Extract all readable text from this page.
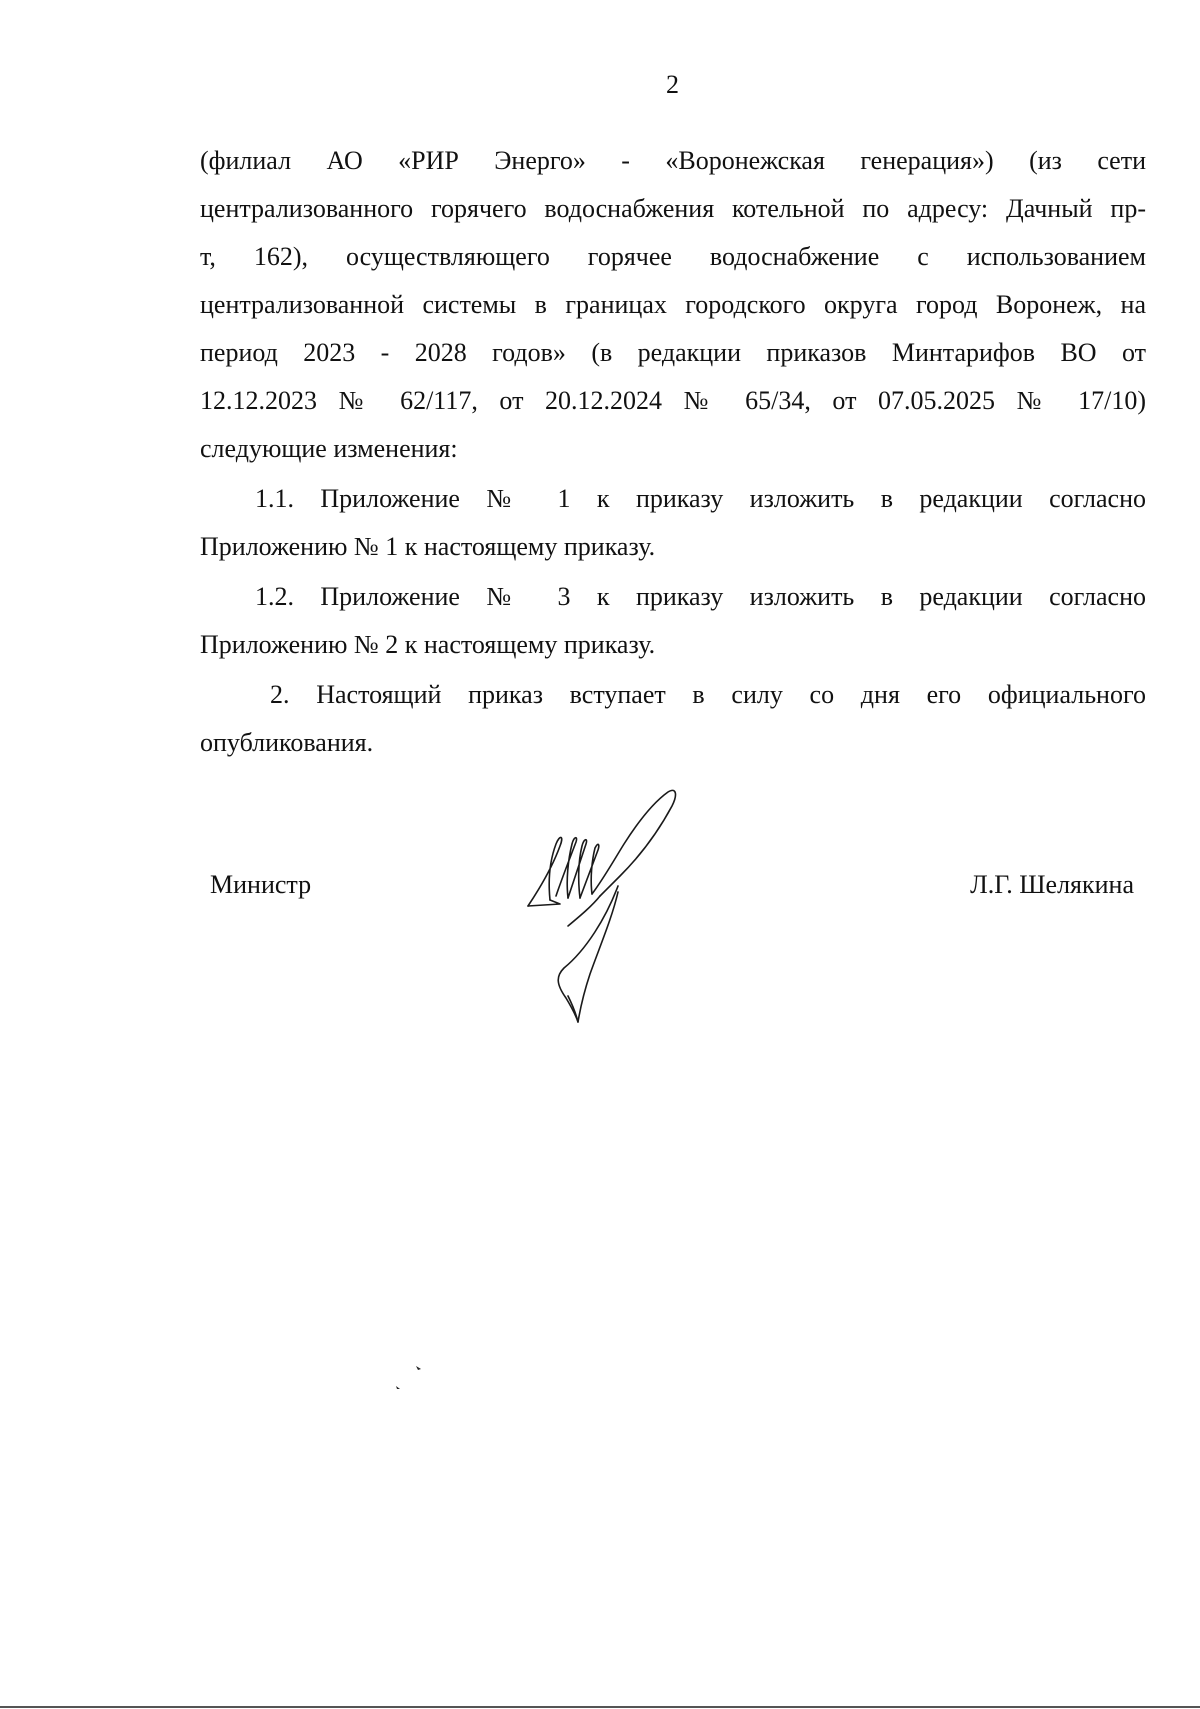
2

(филиал АО «РИР Энерго» - «Воронежская генерация») (из сети
централизованного горячего водоснабжения котельной по адресу: Дачный пр-
т, 162), осуществляющего горячее водоснабжение с использованием
централизованной системы в границах городского округа город Воронеж, на
период 2023 - 2028 годов» (в редакции приказов Минтарифов ВО от
12.12.2023 № 62/117, от 20.12.2024 № 65/34, от 07.05.2025 № 17/10)
следующие изменения:

1.1. Приложение № 1 к приказу изложить в редакции согласно
Приложению № 1 к настоящему приказу.

1.2. Приложение № 3 к приказу изложить в редакции согласно
Приложению № 2 к настоящему приказу.

2. Настоящий приказ вступает в силу со дня его официального
опубликования.

Министр	Л.Г. Шелякина
